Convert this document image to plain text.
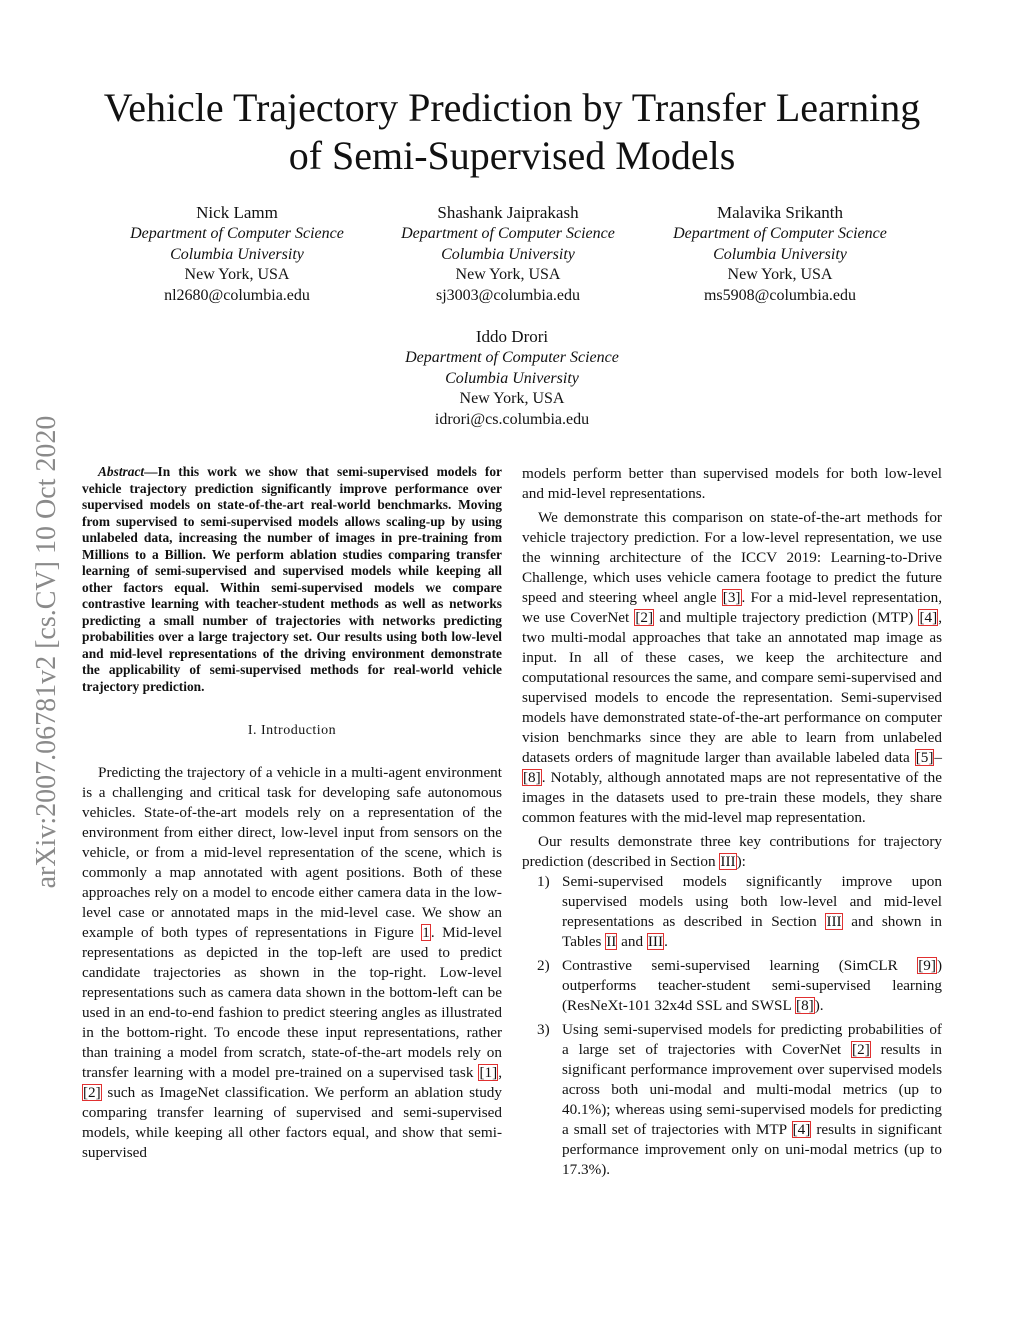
Vehicle Trajectory Prediction by Transfer Learning
of Semi-Supervised Models
arXiv:2007.06781v2 [cs.CV] 10 Oct 2020
Nick Lamm
Department of Computer Science
Columbia University
New York, USA
nl2680@columbia.edu
Shashank Jaiprakash
Department of Computer Science
Columbia University
New York, USA
sj3003@columbia.edu
Malavika Srikanth
Department of Computer Science
Columbia University
New York, USA
ms5908@columbia.edu
Iddo Drori
Department of Computer Science
Columbia University
New York, USA
idrori@cs.columbia.edu

Abstract—In this work we show that semi-supervised models for vehicle trajectory prediction significantly improve performance over supervised models on state-of-the-art real-world benchmarks. Moving from supervised to semi-supervised models allows scaling-up by using unlabeled data, increasing the number of images in pre-training from Millions to a Billion. We perform ablation studies comparing transfer learning of semi-supervised and supervised models while keeping all other factors equal. Within semi-supervised models we compare contrastive learning with teacher-student methods as well as networks predicting a small number of trajectories with networks predicting probabilities over a large trajectory set. Our results using both low-level and mid-level representations of the driving environment demonstrate the applicability of semi-supervised methods for real-world vehicle trajectory prediction.

I. Introduction

Predicting the trajectory of a vehicle in a multi-agent environment is a challenging and critical task for developing safe autonomous vehicles. State-of-the-art models rely on a representation of the environment from either direct, low-level input from sensors on the vehicle, or from a mid-level representation of the scene, which is commonly a map annotated with agent positions. Both of these approaches rely on a model to encode either camera data in the low-level case or annotated maps in the mid-level case. We show an example of both types of representations in Figure 1. Mid-level representations as depicted in the top-left are used to predict candidate trajectories as shown in the top-right. Low-level representations such as camera data shown in the bottom-left can be used in an end-to-end fashion to predict steering angles as illustrated in the bottom-right. To encode these input representations, rather than training a model from scratch, state-of-the-art models rely on transfer learning with a model pre-trained on a supervised task [1], [2] such as ImageNet classification. We perform an ablation study comparing transfer learning of supervised and semi-supervised models, while keeping all other factors equal, and show that semi-supervised

models perform better than supervised models for both low-level and mid-level representations.

We demonstrate this comparison on state-of-the-art methods for vehicle trajectory prediction. For a low-level representation, we use the winning architecture of the ICCV 2019: Learning-to-Drive Challenge, which uses vehicle camera footage to predict the future speed and steering wheel angle [3]. For a mid-level representation, we use CoverNet [2] and multiple trajectory prediction (MTP) [4], two multi-modal approaches that take an annotated map image as input. In all of these cases, we keep the architecture and computational resources the same, and compare semi-supervised and supervised models to encode the representation. Semi-supervised models have demonstrated state-of-the-art performance on computer vision benchmarks since they are able to learn from unlabeled datasets orders of magnitude larger than available labeled data [5]–[8]. Notably, although annotated maps are not representative of the images in the datasets used to pre-train these models, they share common features with the mid-level map representation.

Our results demonstrate three key contributions for trajectory prediction (described in Section III):

1) Semi-supervised models significantly improve upon supervised models using both low-level and mid-level representations as described in Section III and shown in Tables II and III.
2) Contrastive semi-supervised learning (SimCLR [9]) outperforms teacher-student semi-supervised learning (ResNeXt-101 32x4d SSL and SWSL [8]).
3) Using semi-supervised models for predicting probabilities of a large set of trajectories with CoverNet [2] results in significant performance improvement over supervised models across both uni-modal and multi-modal metrics (up to 40.1%); whereas using semi-supervised models for predicting a small set of trajectories with MTP [4] results in significant performance improvement only on uni-modal metrics (up to 17.3%).
